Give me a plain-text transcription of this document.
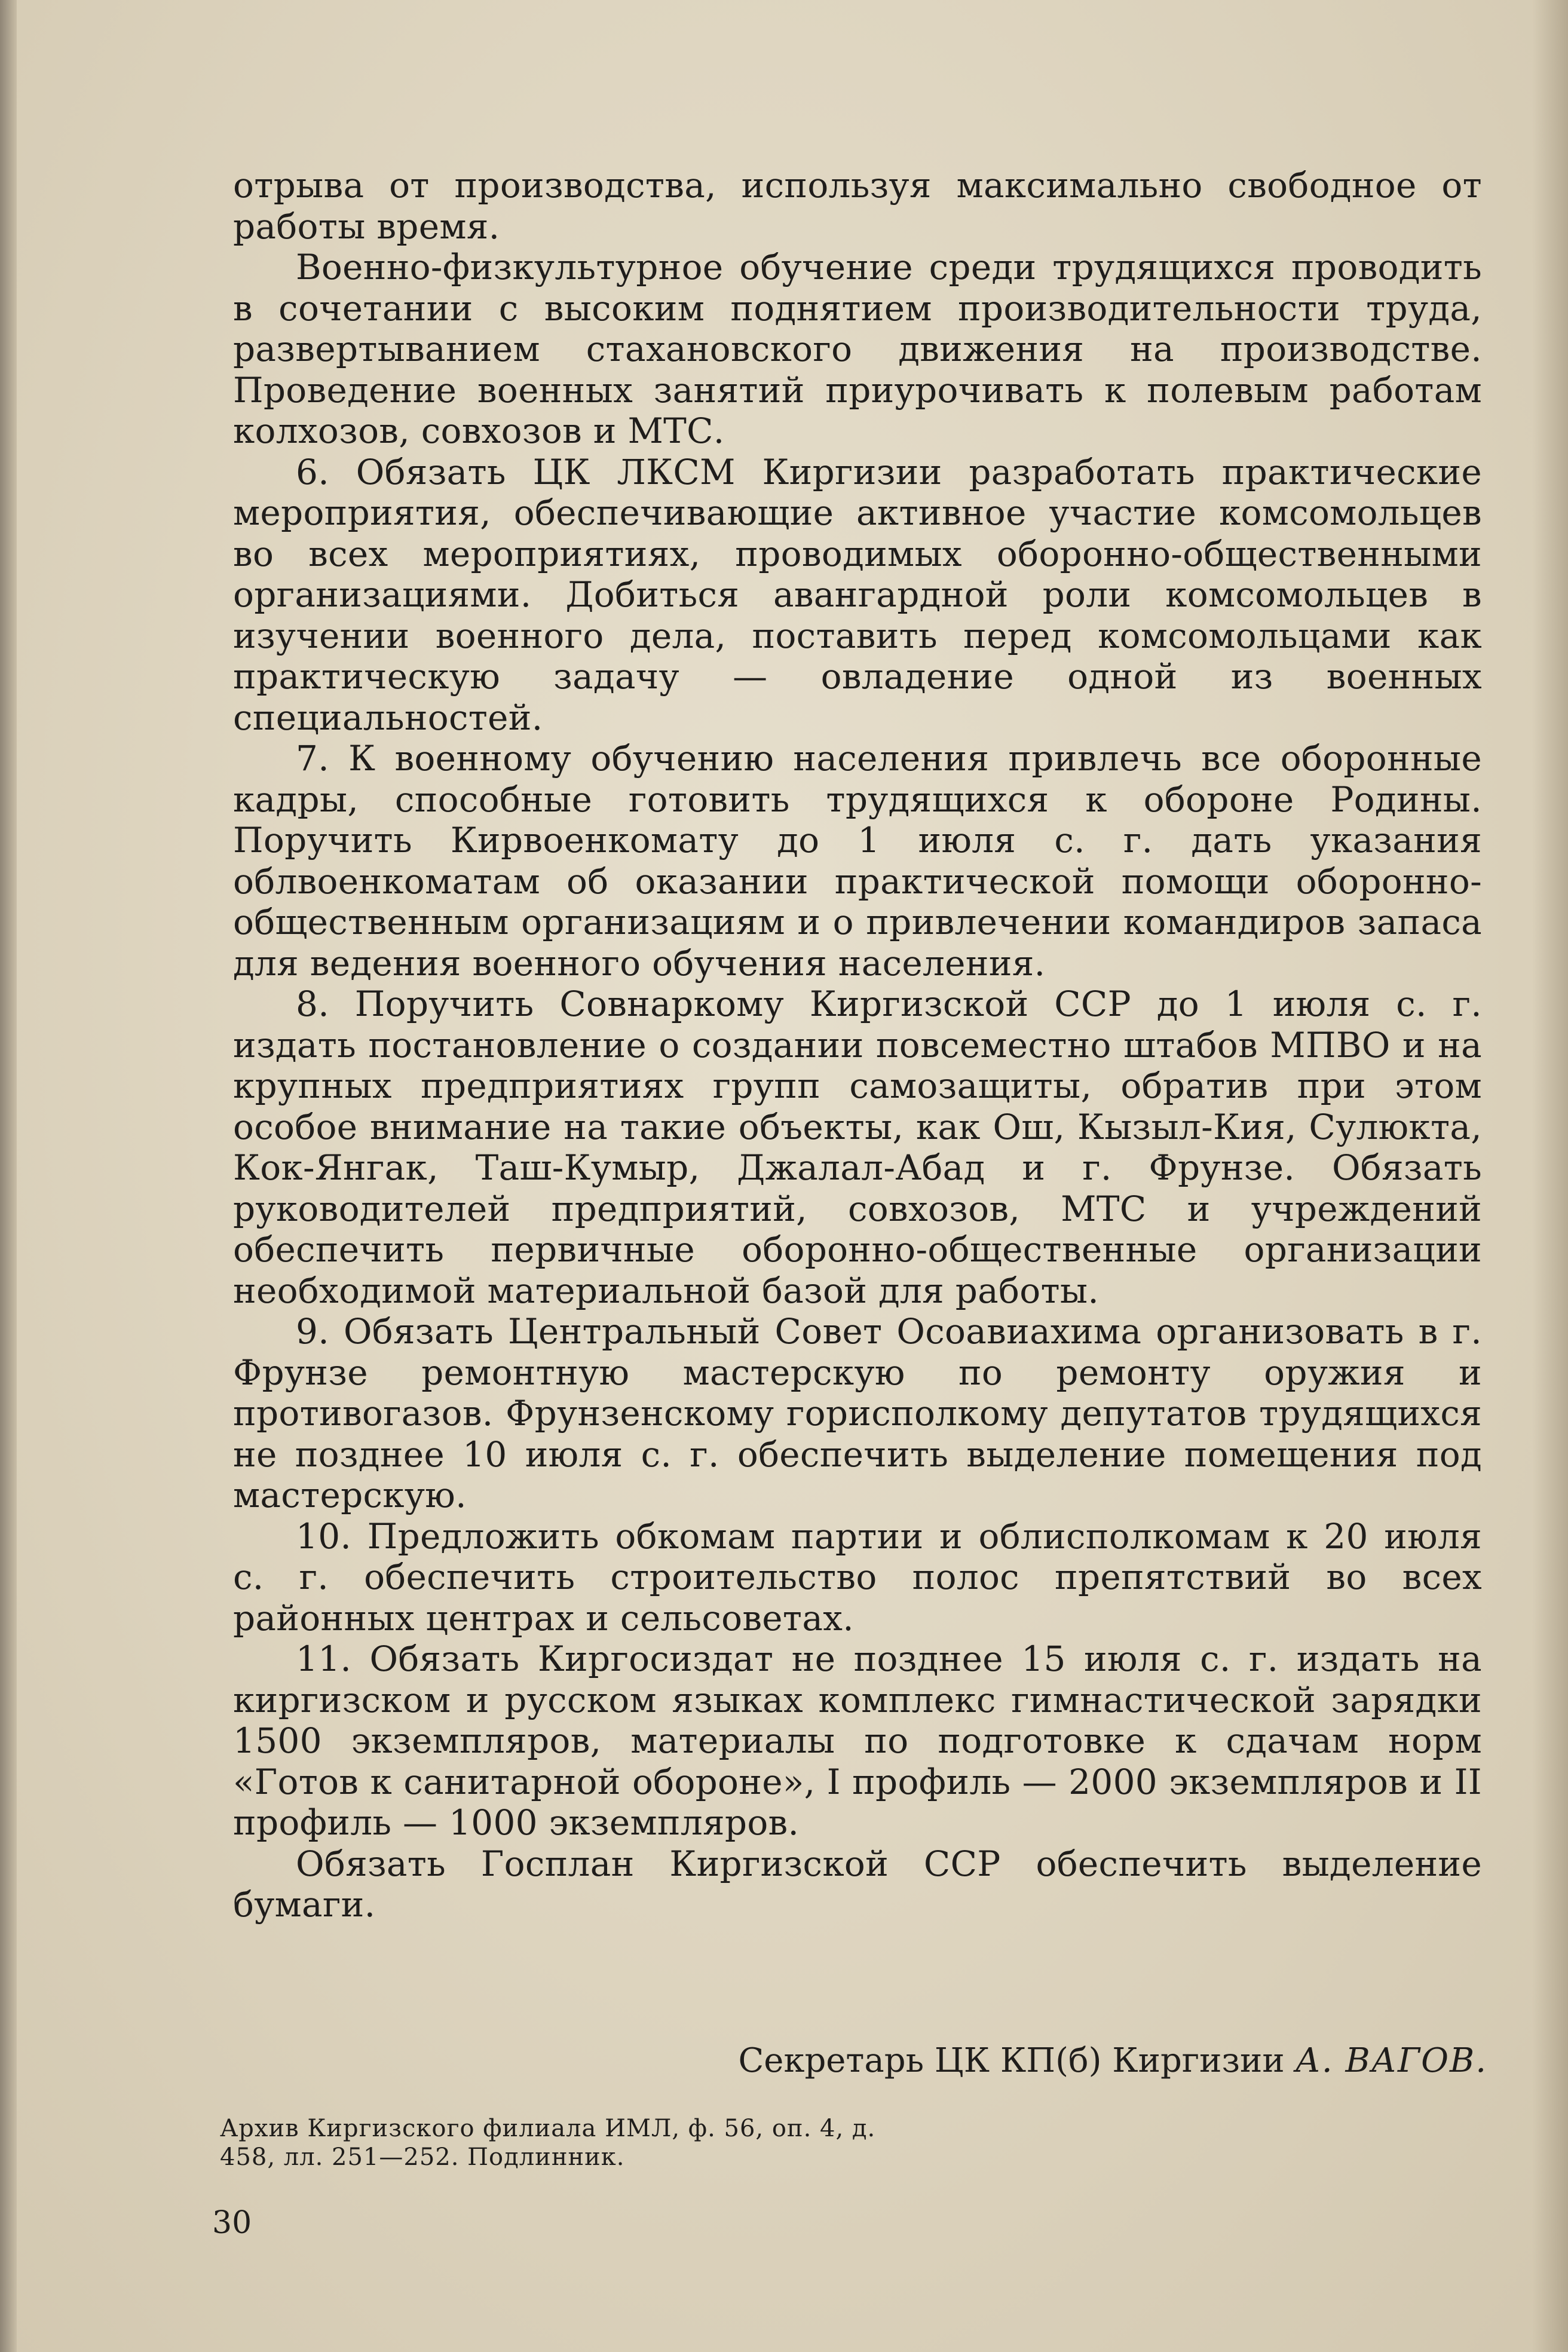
отрыва от производства, используя максимально свободное от работы время.

Военно-физкультурное обучение среди трудящихся проводить в сочетании с высоким поднятием производительности труда, развертыванием стахановского движения на производстве. Проведение военных занятий приурочивать к полевым работам колхозов, совхозов и МТС.

6. Обязать ЦК ЛКСМ Киргизии разработать практические мероприятия, обеспечивающие активное участие комсомольцев во всех мероприятиях, проводимых оборонно-общественными организациями. Добиться авангардной роли комсомольцев в изучении военного дела, поставить перед комсомольцами как практическую задачу — овладение одной из военных специальностей.

7. К военному обучению населения привлечь все оборонные кадры, способные готовить трудящихся к обороне Родины. Поручить Кирвоенкомату до 1 июля с. г. дать указания облвоенкоматам об оказании практической помощи оборонно-общественным организациям и о привлечении командиров запаса для ведения военного обучения населения.

8. Поручить Совнаркому Киргизской ССР до 1 июля с. г. издать постановление о создании повсеместно штабов МПВО и на крупных предприятиях групп самозащиты, обратив при этом особое внимание на такие объекты, как Ош, Кызыл-Кия, Сулюкта, Кок-Янгак, Таш-Кумыр, Джалал-Абад и г. Фрунзе. Обязать руководителей предприятий, совхозов, МТС и учреждений обеспечить первичные оборонно-общественные организации необходимой материальной базой для работы.

9. Обязать Центральный Совет Осоавиахима организовать в г. Фрунзе ремонтную мастерскую по ремонту оружия и противогазов. Фрунзенскому горисполкому депутатов трудящихся не позднее 10 июля с. г. обеспечить выделение помещения под мастерскую.

10. Предложить обкомам партии и облисполкомам к 20 июля с. г. обеспечить строительство полос препятствий во всех районных центрах и сельсоветах.

11. Обязать Киргосиздат не позднее 15 июля с. г. издать на киргизском и русском языках комплекс гимнастической зарядки 1500 экземпляров, материалы по подготовке к сдачам норм «Готов к санитарной обороне», I профиль — 2000 экземпляров и II профиль — 1000 экземпляров.

Обязать Госплан Киргизской ССР обеспечить выделение бумаги.

Секретарь ЦК КП(б) Киргизии А. ВАГОВ.
Архив Киргизского филиала ИМЛ, ф. 56, оп. 4, д. 458, лл. 251—252. Подлинник.
30
